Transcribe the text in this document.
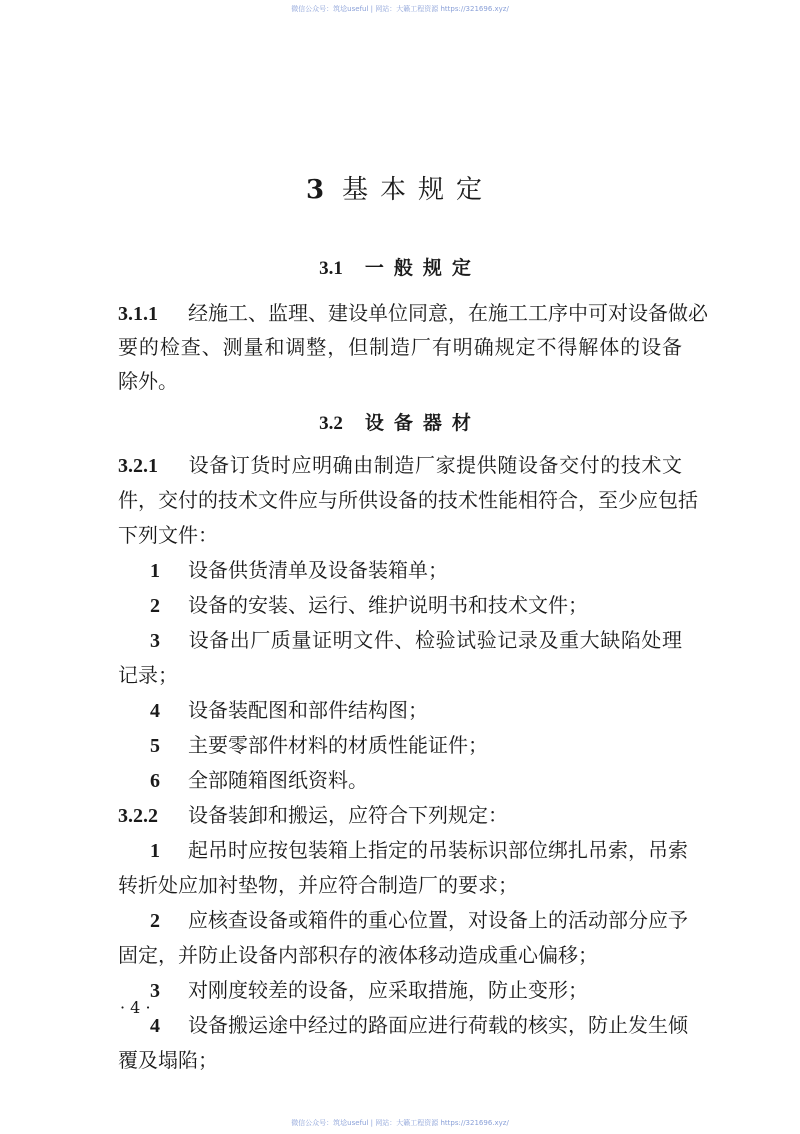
微信公众号：筑埝useful | 网站：大籁工程资源 https://321696.xyz/
3 基本规定
3.1 一般规定
3.1.1 经施工、监理、建设单位同意，在施工工序中可对设备做必
要的检查、测量和调整，但制造厂有明确规定不得解体的设备
除外。
3.2 设备器材
3.2.1 设备订货时应明确由制造厂家提供随设备交付的技术文
件，交付的技术文件应与所供设备的技术性能相符合，至少应包括
下列文件：
1 设备供货清单及设备装箱单；
2 设备的安装、运行、维护说明书和技术文件；
3 设备出厂质量证明文件、检验试验记录及重大缺陷处理
记录；
4 设备装配图和部件结构图；
5 主要零部件材料的材质性能证件；
6 全部随箱图纸资料。
3.2.2 设备装卸和搬运，应符合下列规定：
1 起吊时应按包装箱上指定的吊装标识部位绑扎吊索，吊索
转折处应加衬垫物，并应符合制造厂的要求；
2 应核查设备或箱件的重心位置，对设备上的活动部分应予
固定，并防止设备内部积存的液体移动造成重心偏移；
3 对刚度较差的设备，应采取措施，防止变形；
4 设备搬运途中经过的路面应进行荷载的核实，防止发生倾
覆及塌陷；
· 4 ·
微信公众号：筑埝useful | 网站：大籁工程资源 https://321696.xyz/
